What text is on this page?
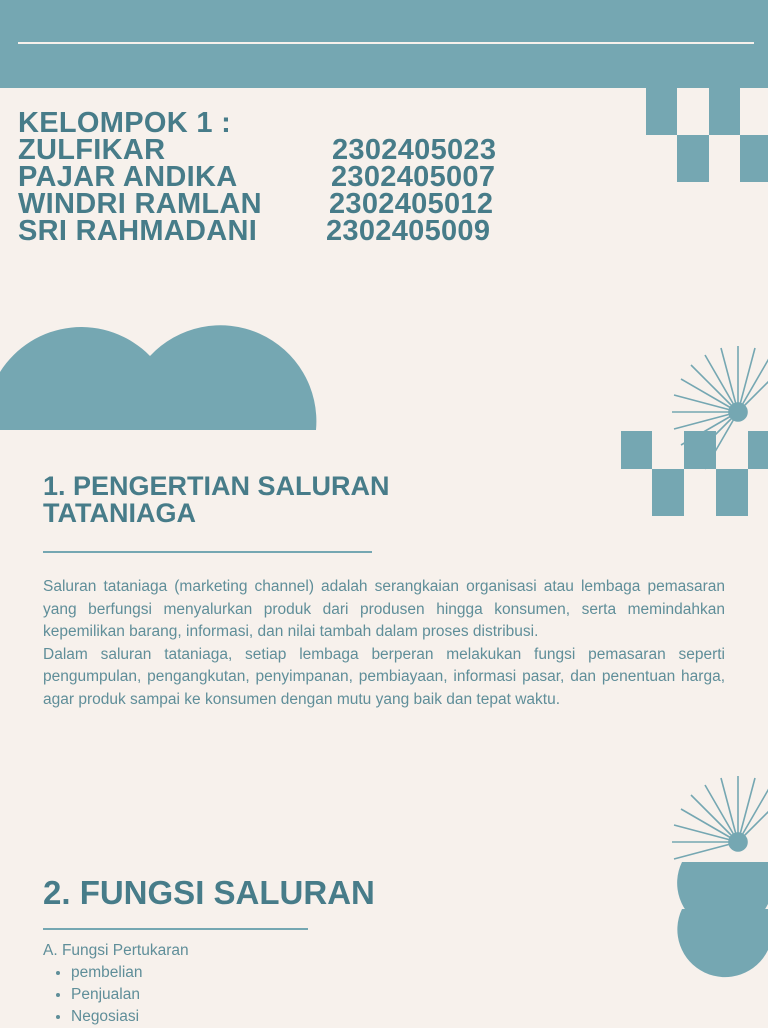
KELOMPOK 1 :
ZULFIKAR	2302405023
PAJAR ANDIKA	2302405007
WINDRI RAMLAN 2302405012
SRI RAHMADANI 2302405009
1. PENGERTIAN SALURAN TATANIAGA

Saluran tataniaga (marketing channel) adalah serangkaian organisasi atau lembaga pemasaran yang berfungsi menyalurkan produk dari produsen hingga konsumen, serta memindahkan kepemilikan barang, informasi, dan nilai tambah dalam proses distribusi.

Dalam saluran tataniaga, setiap lembaga berperan melakukan fungsi pemasaran seperti pengumpulan, pengangkutan, penyimpanan, pembiayaan, informasi pasar, dan penentuan harga, agar produk sampai ke konsumen dengan mutu yang baik dan tepat waktu.

2. FUNGSI SALURAN
A. Fungsi Pertukaran
• pembelian
• Penjualan
• Negosiasi
